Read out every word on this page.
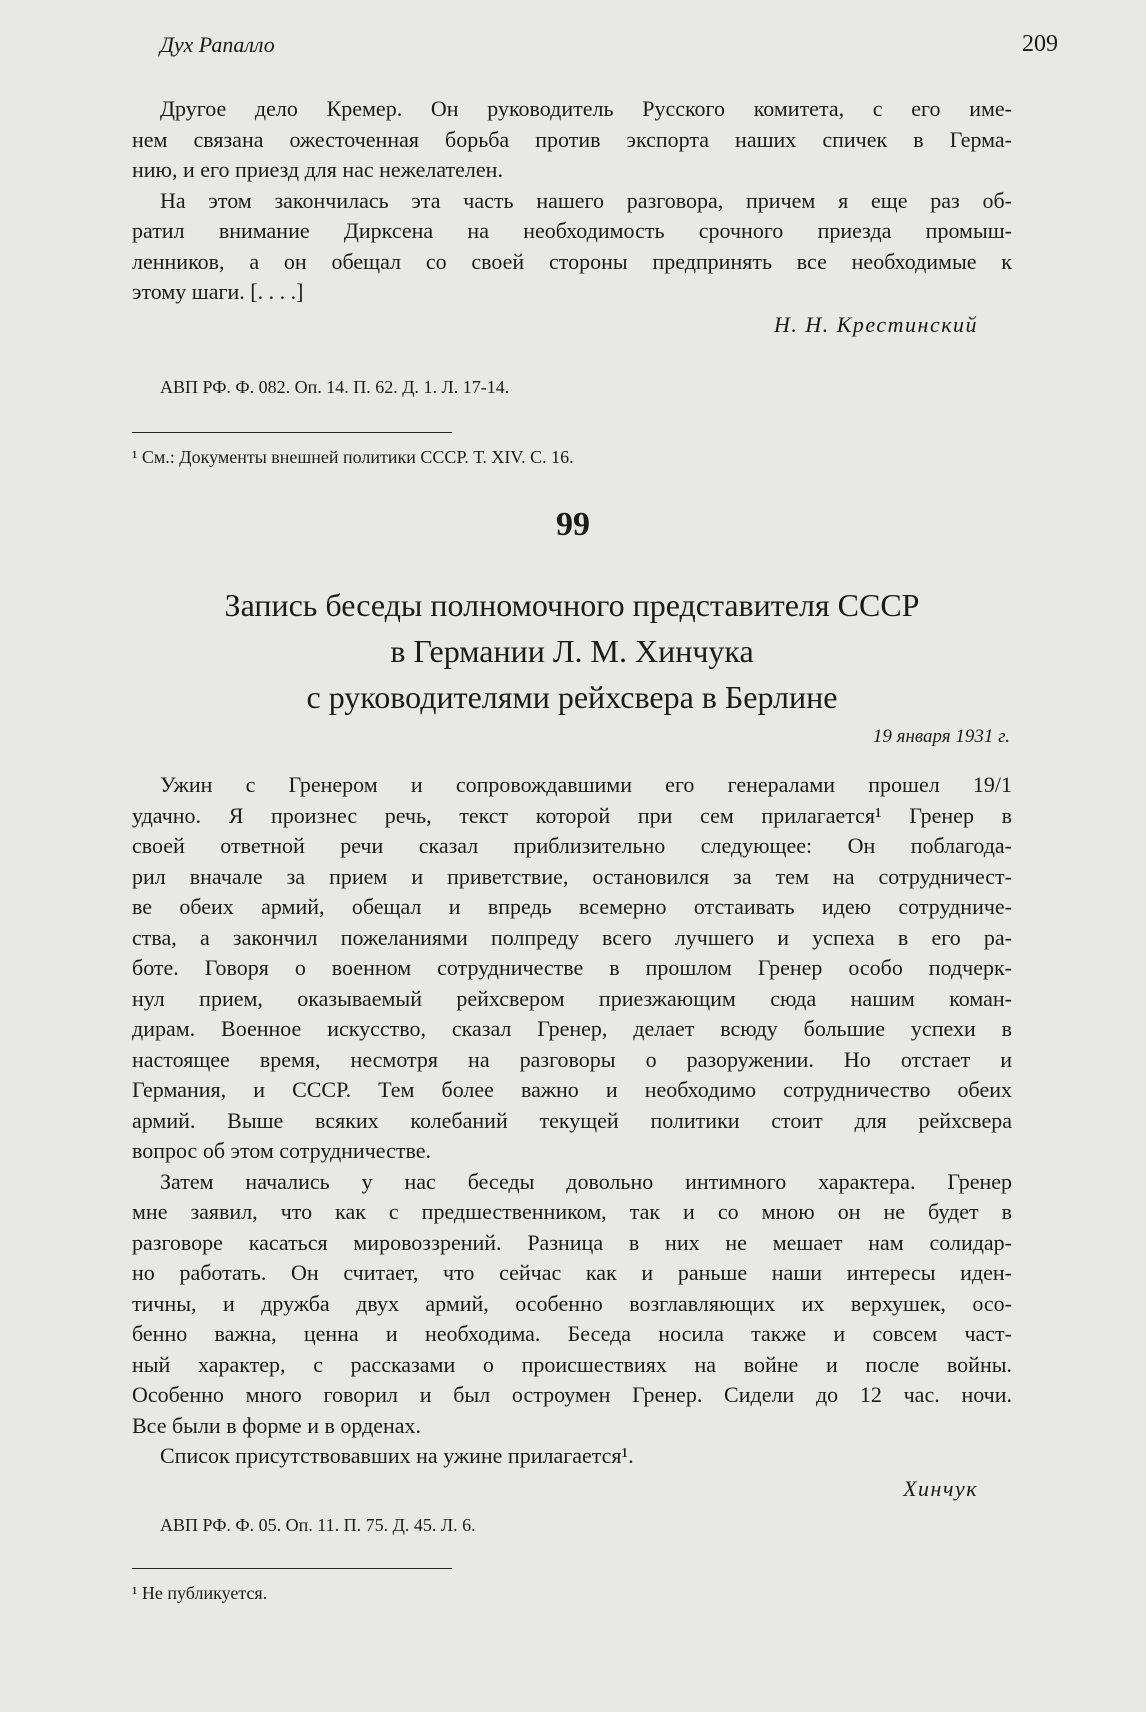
Дух Рапалло	209
Другое дело Кремер. Он руководитель Русского комитета, с его име-
нем связана ожесточенная борьба против экспорта наших спичек в Герма-
нию, и его приезд для нас нежелателен.
На этом закончилась эта часть нашего разговора, причем я еще раз об-
ратил внимание Дирксена на необходимость срочного приезда промыш-
ленников, а он обещал со своей стороны предпринять все необходимые к
этому шаги. [. . . .]
Н. Н. Крестинский
АВП РФ. Ф. 082. Оп. 14. П. 62. Д. 1. Л. 17-14.
¹ См.: Документы внешней политики СССР. Т. XIV. С. 16.
99
Запись беседы полномочного представителя СССР
в Германии Л. М. Хинчука
с руководителями рейхсвера в Берлине
19 января 1931 г.
Ужин с Гренером и сопровождавшими его генералами прошел 19/1
удачно. Я произнес речь, текст которой при сем прилагается¹ Гренер в
своей ответной речи сказал приблизительно следующее: Он поблагода-
рил вначале за прием и приветствие, остановился за тем на сотрудничест-
ве обеих армий, обещал и впредь всемерно отстаивать идею сотрудниче-
ства, а закончил пожеланиями полпреду всего лучшего и успеха в его ра-
боте. Говоря о военном сотрудничестве в прошлом Гренер особо подчерк-
нул прием, оказываемый рейхсвером приезжающим сюда нашим коман-
дирам. Военное искусство, сказал Гренер, делает всюду большие успехи в
настоящее время, несмотря на разговоры о разоружении. Но отстает и
Германия, и СССР. Тем более важно и необходимо сотрудничество обеих
армий. Выше всяких колебаний текущей политики стоит для рейхсвера
вопрос об этом сотрудничестве.
Затем начались у нас беседы довольно интимного характера. Гренер
мне заявил, что как с предшественником, так и со мною он не будет в
разговоре касаться мировоззрений. Разница в них не мешает нам солидар-
но работать. Он считает, что сейчас как и раньше наши интересы иден-
тичны, и дружба двух армий, особенно возглавляющих их верхушек, осо-
бенно важна, ценна и необходима. Беседа носила также и совсем част-
ный характер, с рассказами о происшествиях на войне и после войны.
Особенно много говорил и был остроумен Гренер. Сидели до 12 час. ночи.
Все были в форме и в орденах.
Список присутствовавших на ужине прилагается¹.
Хинчук
АВП РФ. Ф. 05. Оп. 11. П. 75. Д. 45. Л. 6.
¹ Не публикуется.
